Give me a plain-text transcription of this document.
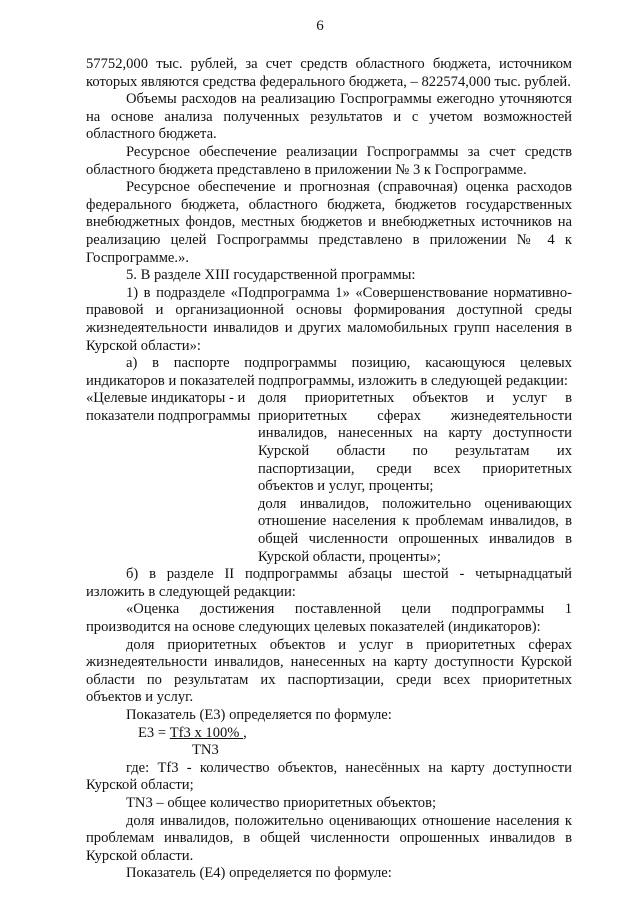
6

57752,000 тыс. рублей, за счет средств областного бюджета, источником которых являются средства федерального бюджета, – 822574,000 тыс. рублей.

Объемы расходов на реализацию Госпрограммы ежегодно уточняются на основе анализа полученных результатов и с учетом возможностей областного бюджета.

Ресурсное обеспечение реализации Госпрограммы за счет средств областного бюджета представлено в приложении № 3 к Госпрограмме.

Ресурсное обеспечение и прогнозная (справочная) оценка расходов федерального бюджета, областного бюджета, бюджетов государственных внебюджетных фондов, местных бюджетов и внебюджетных источников на реализацию целей Госпрограммы представлено в приложении № 4 к Госпрограмме.».

5. В разделе XIII государственной программы:

1) в подразделе «Подпрограмма 1» «Совершенствование нормативно-правовой и организационной основы формирования доступной среды жизнедеятельности инвалидов и других маломобильных групп населения в Курской области»:

а) в паспорте подпрограммы позицию, касающуюся целевых индикаторов и показателей подпрограммы, изложить в следующей редакции:

«Целевые индикаторы - и показатели подпрограммы

доля приоритетных объектов и услуг в приоритетных сферах жизнедеятельности инвалидов, нанесенных на карту доступности Курской области по результатам их паспортизации, среди всех приоритетных объектов и услуг, проценты;

доля инвалидов, положительно оценивающих отношение населения к проблемам инвалидов, в общей численности опрошенных инвалидов в Курской области, проценты»;

б) в разделе II подпрограммы абзацы шестой - четырнадцатый изложить в следующей редакции:

«Оценка достижения поставленной цели подпрограммы 1 производится на основе следующих целевых показателей (индикаторов):

доля приоритетных объектов и услуг в приоритетных сферах жизнедеятельности инвалидов, нанесенных на карту доступности Курской области по результатам их паспортизации, среди всех приоритетных объектов и услуг.

Показатель (Е3) определяется по формуле:

Е3 = Tf3 x 100% ,
TN3

где: Tf3 - количество объектов, нанесённых на карту доступности Курской области;

TN3 – общее количество приоритетных объектов;

доля инвалидов, положительно оценивающих отношение населения к проблемам инвалидов, в общей численности опрошенных инвалидов в Курской области.

Показатель (Е4) определяется по формуле:
